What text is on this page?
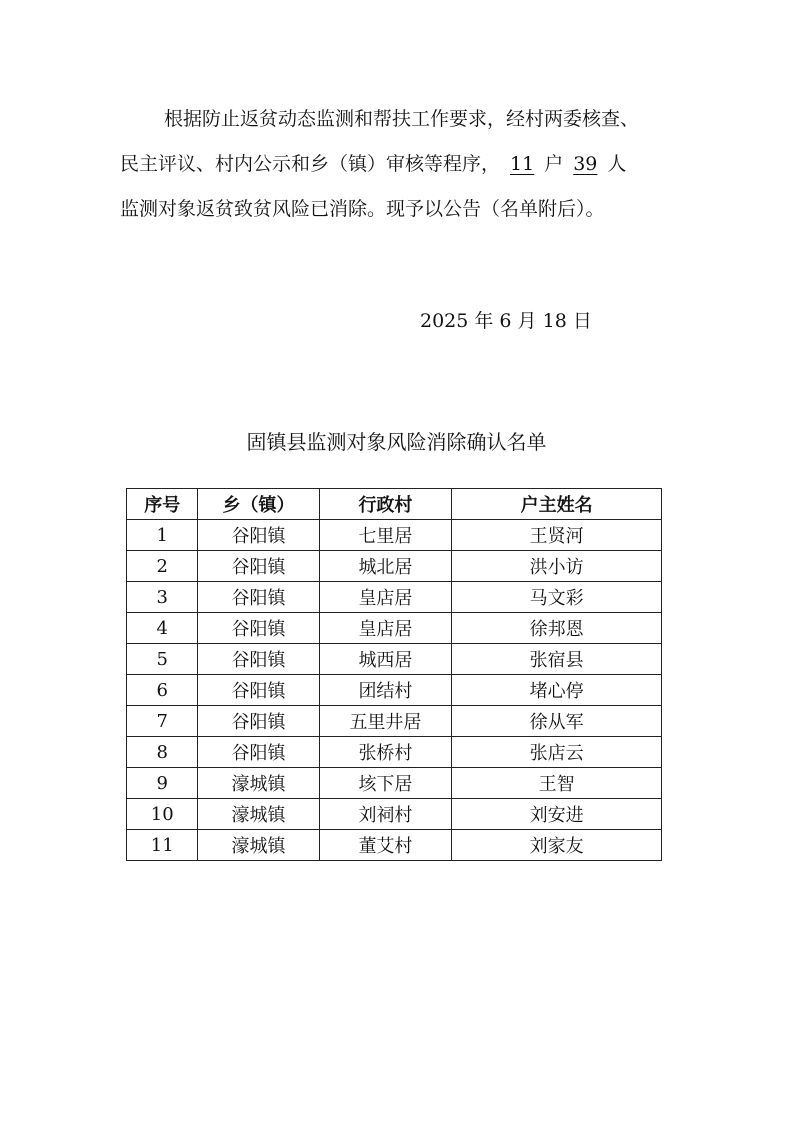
根据防止返贫动态监测和帮扶工作要求，经村两委核查、
民主评议、村内公示和乡（镇）审核等程序， 11 户 39 人
监测对象返贫致贫风险已消除。现予以公告（名单附后）。
2025 年 6 月 18 日
固镇县监测对象风险消除确认名单
序号	乡（镇）	行政村	户主姓名
1	谷阳镇	七里居	王贤河
2	谷阳镇	城北居	洪小访
3	谷阳镇	皇店居	马文彩
4	谷阳镇	皇店居	徐邦恩
5	谷阳镇	城西居	张宿县
6	谷阳镇	团结村	堵心停
7	谷阳镇	五里井居	徐从军
8	谷阳镇	张桥村	张店云
9	濠城镇	垓下居	王智
10	濠城镇	刘祠村	刘安进
11	濠城镇	董艾村	刘家友
